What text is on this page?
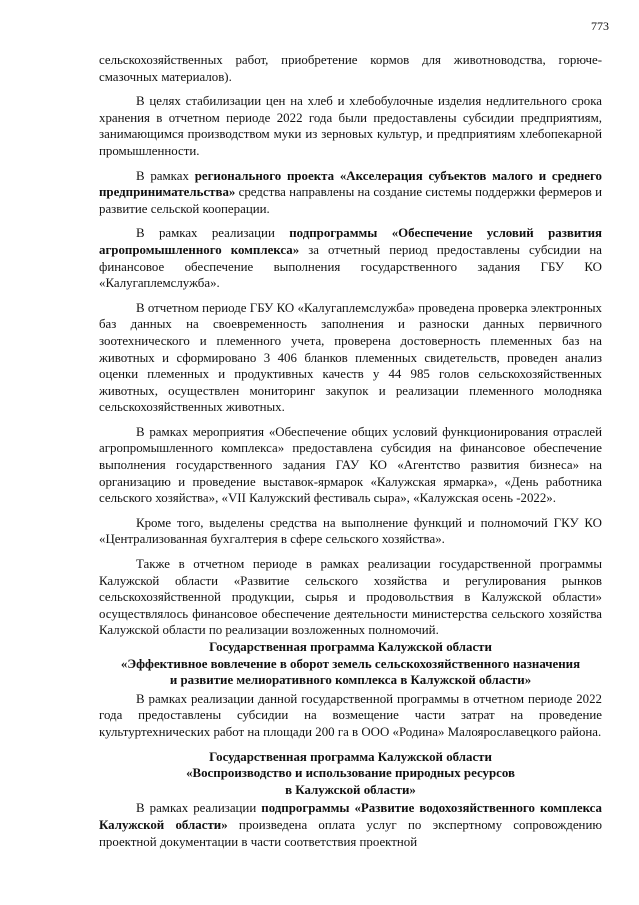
773

сельскохозяйственных работ, приобретение кормов для животноводства, горюче-смазочных материалов).

В целях стабилизации цен на хлеб и хлебобулочные изделия недлительного срока хранения в отчетном периоде 2022 года были предоставлены субсидии предприятиям, занимающимся производством муки из зерновых культур, и предприятиям хлебопекарной промышленности.

В рамках регионального проекта «Акселерация субъектов малого и среднего предпринимательства» средства направлены на создание системы поддержки фермеров и развитие сельской кооперации.

В рамках реализации подпрограммы «Обеспечение условий развития агропромышленного комплекса» за отчетный период предоставлены субсидии на финансовое обеспечение выполнения государственного задания ГБУ КО «Калугаплемслужба».

В отчетном периоде ГБУ КО «Калугаплемслужба» проведена проверка электронных баз данных на своевременность заполнения и разноски данных первичного зоотехнического и племенного учета, проверена достоверность племенных баз на животных и сформировано 3 406 бланков племенных свидетельств, проведен анализ оценки племенных и продуктивных качеств у 44 985 голов сельскохозяйственных животных, осуществлен мониторинг закупок и реализации племенного молодняка сельскохозяйственных животных.

В рамках мероприятия «Обеспечение общих условий функционирования отраслей агропромышленного комплекса» предоставлена субсидия на финансовое обеспечение выполнения государственного задания ГАУ КО «Агентство развития бизнеса» на организацию и проведение выставок-ярмарок «Калужская ярмарка», «День работника сельского хозяйства», «VII Калужский фестиваль сыра», «Калужская осень -2022».

Кроме того, выделены средства на выполнение функций и полномочий ГКУ КО «Централизованная бухгалтерия в сфере сельского хозяйства».

Также в отчетном периоде в рамках реализации государственной программы Калужской области «Развитие сельского хозяйства и регулирования рынков сельскохозяйственной продукции, сырья и продовольствия в Калужской области» осуществлялось финансовое обеспечение деятельности министерства сельского хозяйства Калужской области по реализации возложенных полномочий.

Государственная программа Калужской области
«Эффективное вовлечение в оборот земель сельскохозяйственного назначения
и развитие мелиоративного комплекса в Калужской области»

В рамках реализации данной государственной программы в отчетном периоде 2022 года предоставлены субсидии на возмещение части затрат на проведение культуртехнических работ на площади 200 га в ООО «Родина» Малоярославецкого района.

Государственная программа Калужской области
«Воспроизводство и использование природных ресурсов
в Калужской области»

В рамках реализации подпрограммы «Развитие водохозяйственного комплекса Калужской области» произведена оплата услуг по экспертному сопровождению проектной документации в части соответствия проектной
